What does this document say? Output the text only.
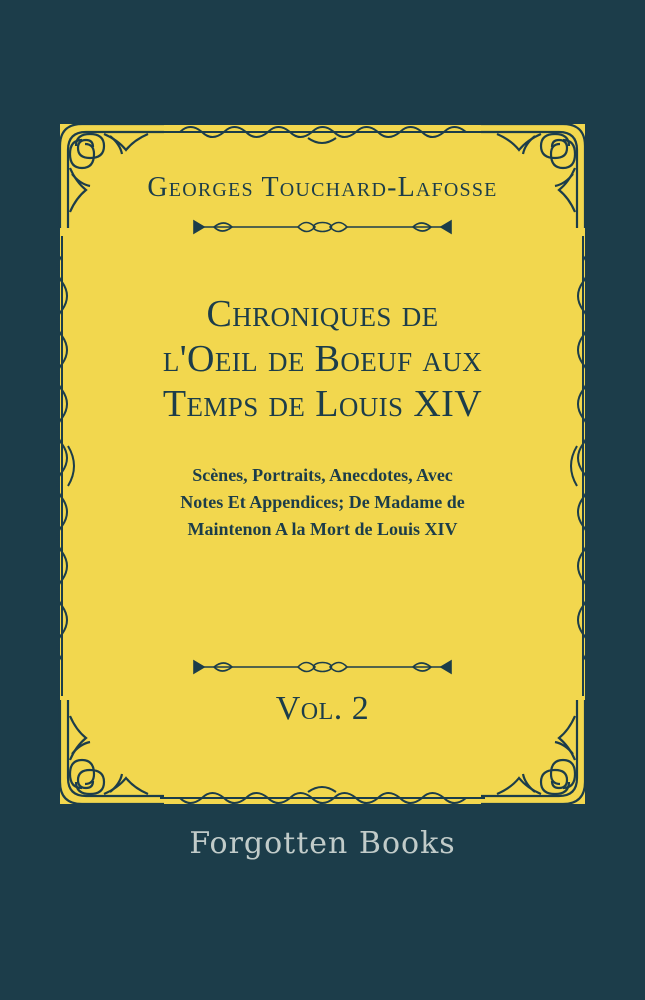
Georges Touchard-Lafosse
Chroniques de
l'Oeil de Boeuf aux
Temps de Louis XIV
Scènes, Portraits, Anecdotes, Avec
Notes Et Appendices; De Madame de
Maintenon A la Mort de Louis XIV
Vol. 2
Forgotten Books
